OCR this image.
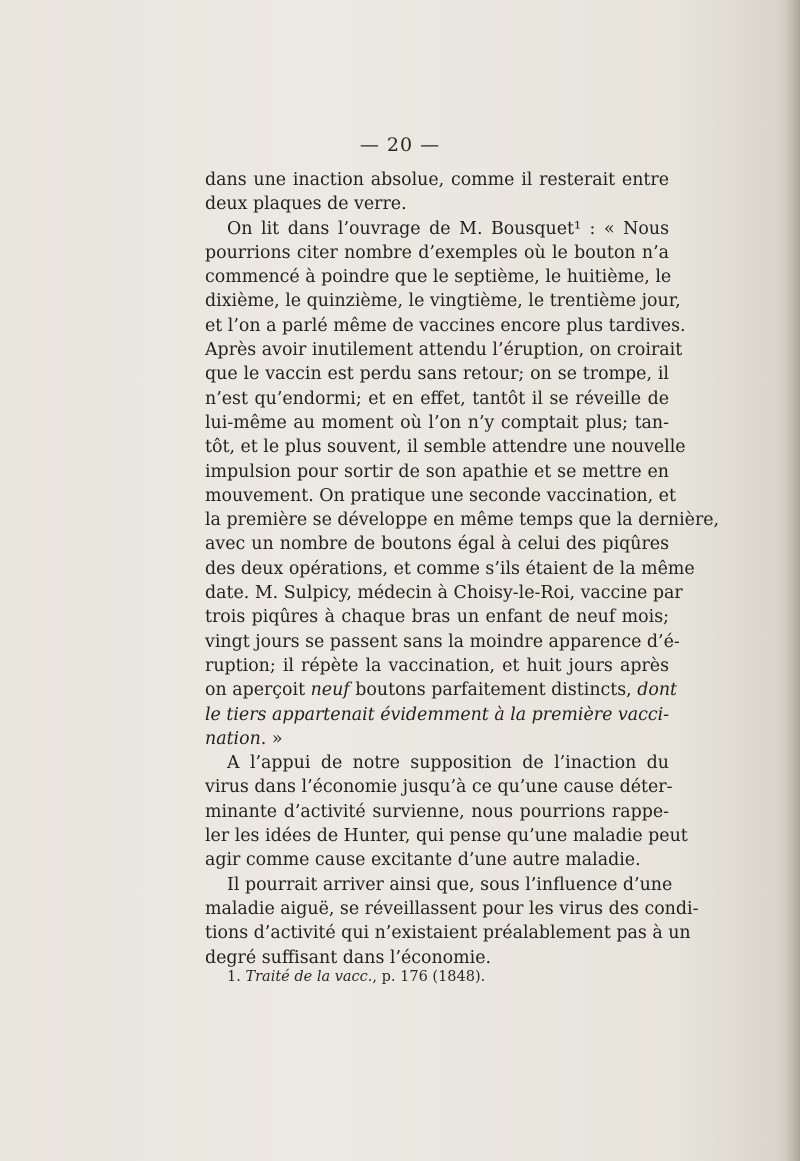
— 20 —
dans une inaction absolue, comme il resterait entre
deux plaques de verre.
On lit dans l’ouvrage de M. Bousquet¹ : « Nous
pourrions citer nombre d’exemples où le bouton n’a
commencé à poindre que le septième, le huitième, le
dixième, le quinzième, le vingtième, le trentième jour,
et l’on a parlé même de vaccines encore plus tardives.
Après avoir inutilement attendu l’éruption, on croirait
que le vaccin est perdu sans retour; on se trompe, il
n’est qu’endormi; et en effet, tantôt il se réveille de
lui-même au moment où l’on n’y comptait plus; tan-
tôt, et le plus souvent, il semble attendre une nouvelle
impulsion pour sortir de son apathie et se mettre en
mouvement. On pratique une seconde vaccination, et
la première se développe en même temps que la dernière,
avec un nombre de boutons égal à celui des piqûres
des deux opérations, et comme s’ils étaient de la même
date. M. Sulpicy, médecin à Choisy-le-Roi, vaccine par
trois piqûres à chaque bras un enfant de neuf mois;
vingt jours se passent sans la moindre apparence d’é-
ruption; il répète la vaccination, et huit jours après
on aperçoit neuf boutons parfaitement distincts, dont
le tiers appartenait évidemment à la première vacci-
nation. »
A l’appui de notre supposition de l’inaction du
virus dans l’économie jusqu’à ce qu’une cause déter-
minante d’activité survienne, nous pourrions rappe-
ler les idées de Hunter, qui pense qu’une maladie peut
agir comme cause excitante d’une autre maladie.
Il pourrait arriver ainsi que, sous l’influence d’une
maladie aiguë, se réveillassent pour les virus des condi-
tions d’activité qui n’existaient préalablement pas à un
degré suffisant dans l’économie.
1. Traité de la vacc., p. 176 (1848).
